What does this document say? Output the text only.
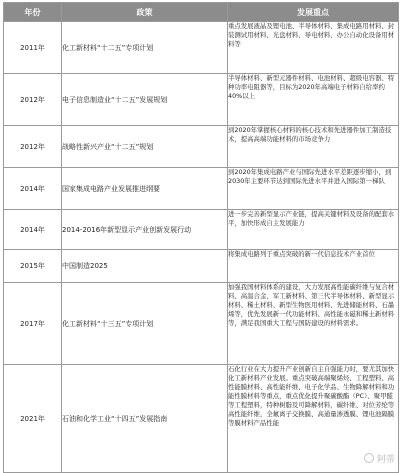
年份	政策	发展重点
2011年	化工新材料“十二五”专项计划	重点发展液晶及锂电池、半导体材料、集成电路用材料、封装测试用材料、光盘材料、导电材料、办公自动化设备用材料等
2012年	电子信息制造业“十二五”发展规划	半导体材料、新型元器件材料、电池材料、超级电容器、特种功率电阻器等，目标为2020年高端电子材料自给率约40%以上
2012年	战略性新兴产业“十二五”规划	到2020年掌握核心材料的核心技术和先进器件加工制造技术，提高高端功能材料的市场竞争力
2014年	国家集成电路产业发展推进纲要	到2020年集成电路产业与国际先进水平差距逐步缩小，到2030年主要环节达到国际先进水平并进入国际第一梯队
2014年	2014-2016年新型显示产业创新发展行动	进一步完善新型显示产业链，提高关键材料及设备的配套水平，加快形成自主发展能力
2015年	中国制造2025	将集成电路列于重点突破的新一代信息技术产业首位
2017年	化工新材料“十三五”专项计划	加强我国材料体系的建设，大力发展高性能碳纤维与复合材料、高温合金、军工新材料、第三代半导体材料、新型显示材料、稀土材料、新型生物医用材料、先进储能材料、石墨烯等，优先发展新一代功能材料、高性能永磁和稀土新材料等，满足我国重大工程与国防建设的材料需求。
2021年	石油和化学工业“十四五”发展指南	石化行业在大力提升产业创新自主自强能力时，要尤其加快化工新材料产业发展。重点突破高端聚烯烃、工程塑料、高性能膜材料、高性能纤维、电子化学品、生物降解材料和功能性膜材料等重点，重点优化提升聚碳酸酯（PC）、聚甲醛等工程塑料，特种树脂及可降解材料，碳纤维、对位芳纶等高性能纤维，全氟离子交换膜、高通量渗透膜、锂电池隔膜等膜材料产品性能
阿蒂
